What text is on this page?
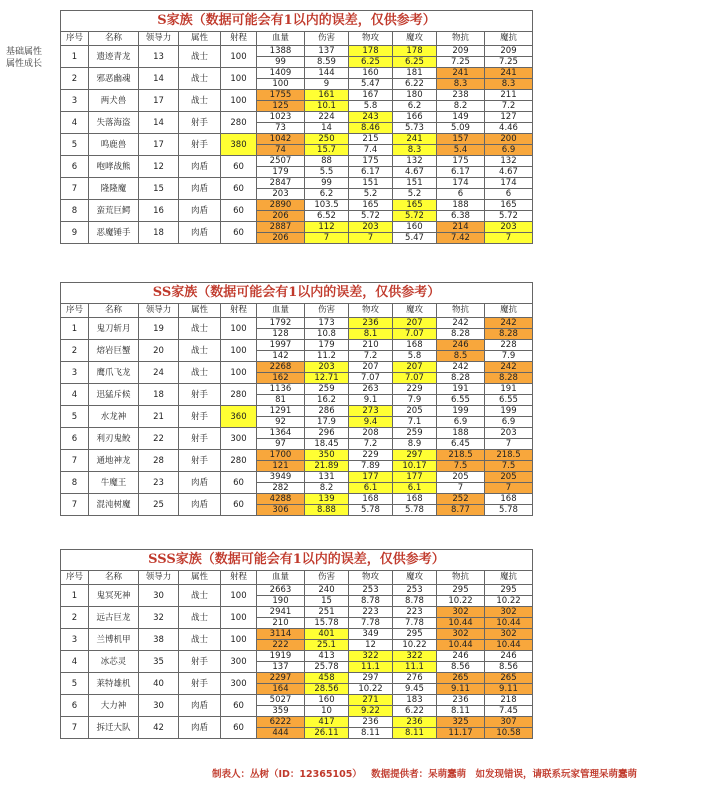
基础属性
属性成长
S家族（数据可能会有1以内的误差，仅供参考）										
序号	名称	领导力	属性	射程	血量	伤害	物攻	魔攻	物抗	魔抗
1	遗迹青龙	13	战士	100	1388	137	178	178	209	209
					99	8.59	6.25	6.25	7.25	7.25
2	邪恶幽魂	14	战士	100	1409	144	160	181	241	241
					100	9	5.47	6.22	8.3	8.3
3	两犬兽	17	战士	100	1755	161	167	180	238	211
					125	10.1	5.8	6.2	8.2	7.2
4	失落海盗	14	射手	280	1023	224	243	166	149	127
					73	14	8.46	5.73	5.09	4.46
5	鸣鹿兽	17	射手	380	1042	250	215	241	157	200
					74	15.7	7.4	8.3	5.4	6.9
6	咆哮战熊	12	肉盾	60	2507	88	175	132	175	132
					179	5.5	6.17	4.67	6.17	4.67
7	隆隆魔	15	肉盾	60	2847	99	151	151	174	174
					203	6.2	5.2	5.2	6	6
8	蛮荒巨鳄	16	肉盾	60	2890	103.5	165	165	188	165
					206	6.52	5.72	5.72	6.38	5.72
9	恶魔锤手	18	肉盾	60	2887	112	203	160	214	203
					206	7	7	5.47	7.42	7
SS家族（数据可能会有1以内的误差，仅供参考）										
序号	名称	领导力	属性	射程	血量	伤害	物攻	魔攻	物抗	魔抗
1	鬼刀斩月	19	战士	100	1792	173	236	207	242	242
					128	10.8	8.1	7.07	8.28	8.28
2	熔岩巨蟹	20	战士	100	1997	179	210	168	246	228
					142	11.2	7.2	5.8	8.5	7.9
3	鹰爪飞龙	24	战士	100	2268	203	207	207	242	242
					162	12.71	7.07	7.07	8.28	8.28
4	迅猛斥候	18	射手	280	1136	259	263	229	191	191
					81	16.2	9.1	7.9	6.55	6.55
5	水龙神	21	射手	360	1291	286	273	205	199	199
					92	17.9	9.4	7.1	6.9	6.9
6	利刃鬼鲛	22	射手	300	1364	296	208	259	188	203
					97	18.45	7.2	8.9	6.45	7
7	通地神龙	28	射手	280	1700	350	229	297	218.5	218.5
					121	21.89	7.89	10.17	7.5	7.5
8	牛魔王	23	肉盾	60	3949	131	177	177	205	205
					282	8.2	6.1	6.1	7	7
7	混沌树魔	25	肉盾	60	4288	139	168	168	252	168
					306	8.88	5.78	5.78	8.77	5.78
SSS家族（数据可能会有1以内的误差，仅供参考）										
序号	名称	领导力	属性	射程	血量	伤害	物攻	魔攻	物抗	魔抗
1	鬼冥死神	30	战士	100	2663	240	253	253	295	295
					190	15	8.78	8.78	10.22	10.22
2	远古巨龙	32	战士	100	2941	251	223	223	302	302
					210	15.78	7.78	7.78	10.44	10.44
3	兰博机甲	38	战士	100	3114	401	349	295	302	302
					222	25.1	12	10.22	10.44	10.44
4	冰芯灵	35	射手	300	1919	413	322	322	246	246
					137	25.78	11.1	11.1	8.56	8.56
5	莱特雄机	40	射手	300	2297	458	297	276	265	265
					164	28.56	10.22	9.45	9.11	9.11
6	大力神	30	肉盾	60	5027	160	271	183	236	218
					359	10	9.22	6.22	8.11	7.45
7	拆迁大队	42	肉盾	60	6222	417	236	236	325	307
					444	26.11	8.11	8.11	11.17	10.58
制表人：丛树（ID：12365105） 数据提供者：呆萌蠢萌 如发现错误，请联系玩家管理呆萌蠢萌
